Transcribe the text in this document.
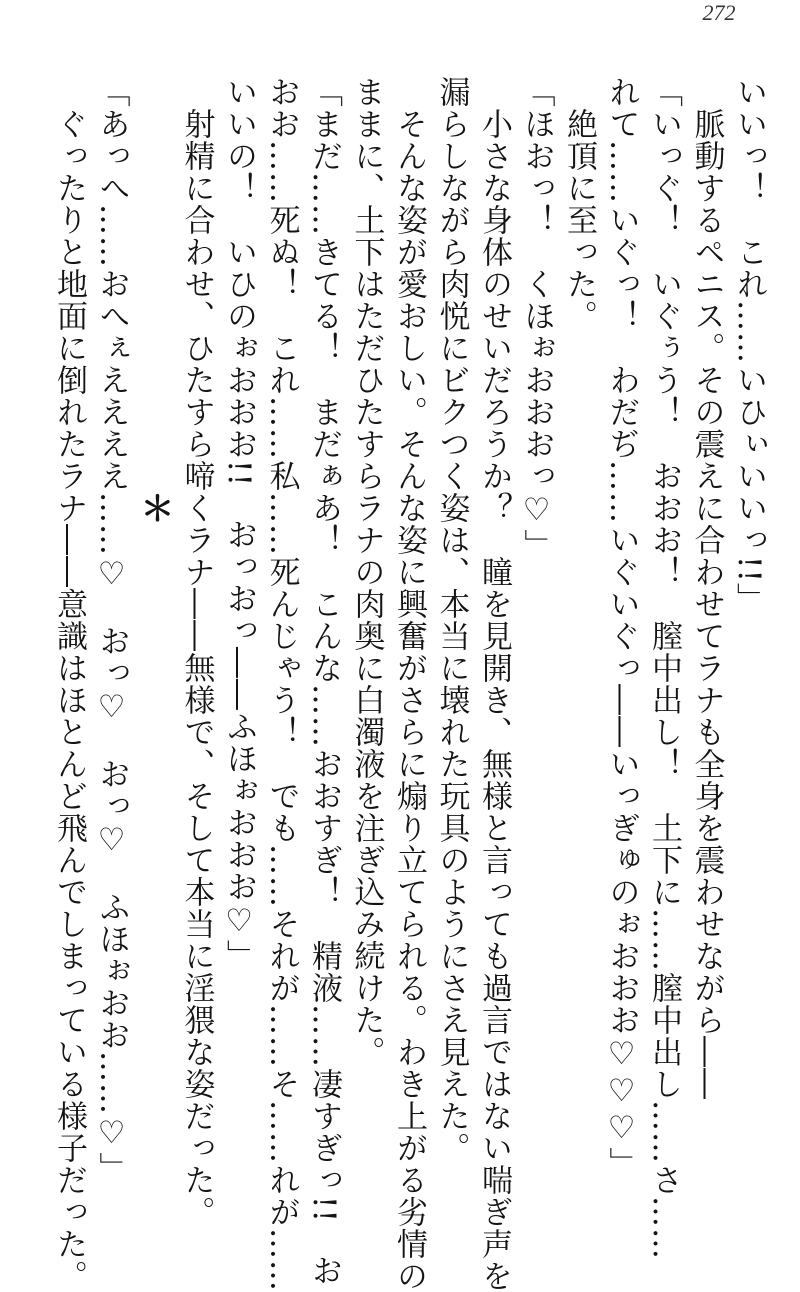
272
いいっ！　これ……いひぃいいっ!!」
脈動するペニス。その震えに合わせてラナも全身を震わせながら――
「いっぐ！　いぐぅう！　おおお！　膣中出し！　土下に……膣中出し……さ……
れて……いぐっ！　わだぢ……いぐいぐっ――いっぎゅのぉおおお♡♡♡」
絶頂に至った。
「ほおっ！　くほぉおおおっ♡」
小さな身体のせいだろうか？　瞳を見開き、無様と言っても過言ではない喘ぎ声を
漏らしながら肉悦にビクつく姿は、本当に壊れた玩具のようにさえ見えた。
そんな姿が愛おしい。そんな姿に興奮がさらに煽り立てられる。わき上がる劣情の
ままに、土下はただひたすらラナの肉奥に白濁液を注ぎ込み続けた。
「まだ……きてる！　まだぁあ！　こんな……おおすぎ！　精液……凄すぎっ!!　お
おお……死ぬ！　これ……私……死んじゃう！　でも……それが……そ……れが……
いいの！　いひのぉおおお!!　おっおっ――ふほぉおおお♡」
射精に合わせ、ひたすら啼くラナ――無様で、そして本当に淫猥な姿だった。
＊
「あっへ……おへぇええええ……♡　おっ♡　おっ♡　ふほぉおお……♡」
ぐったりと地面に倒れたラナ――意識はほとんど飛んでしまっている様子だった。
